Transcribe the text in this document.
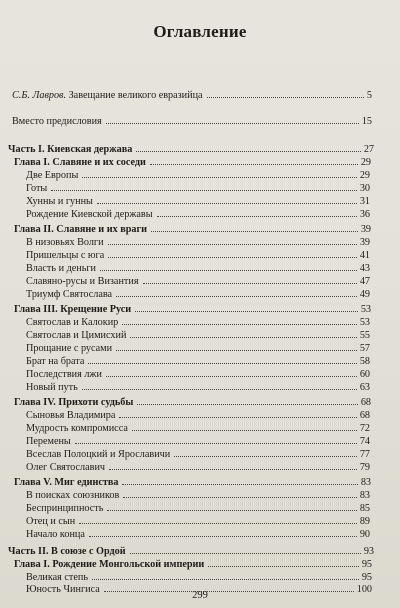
Оглавление
С.Б. Лавров. Завещание великого евразийца	5
Вместо предисловия	15
Часть I. Киевская держава	27
Глава I. Славяне и их соседи	29
Две Европы	29
Готы	30
Хунны и гунны	31
Рождение Киевской державы	36
Глава II. Славяне и их враги	39
В низовьях Волги	39
Пришельцы с юга	41
Власть и деньги	43
Славяно-русы и Византия	47
Триумф Святослава	49
Глава III. Крещение Руси	53
Святослав и Калокир	53
Святослав и Цимисхий	55
Прощание с русами	57
Брат на брата	58
Последствия лжи	60
Новый путь	63
Глава IV. Прихоти судьбы	68
Сыновья Владимира	68
Мудрость компромисса	72
Перемены	74
Всеслав Полоцкий и Ярославичи	77
Олег Святославич	79
Глава V. Миг единства	83
В поисках союзников	83
Беспринципность	85
Отец и сын	89
Начало конца	90
Часть II. В союзе с Ордой	93
Глава I. Рождение Монгольской империи	95
Великая степь	95
Юность Чингиса	100
299
